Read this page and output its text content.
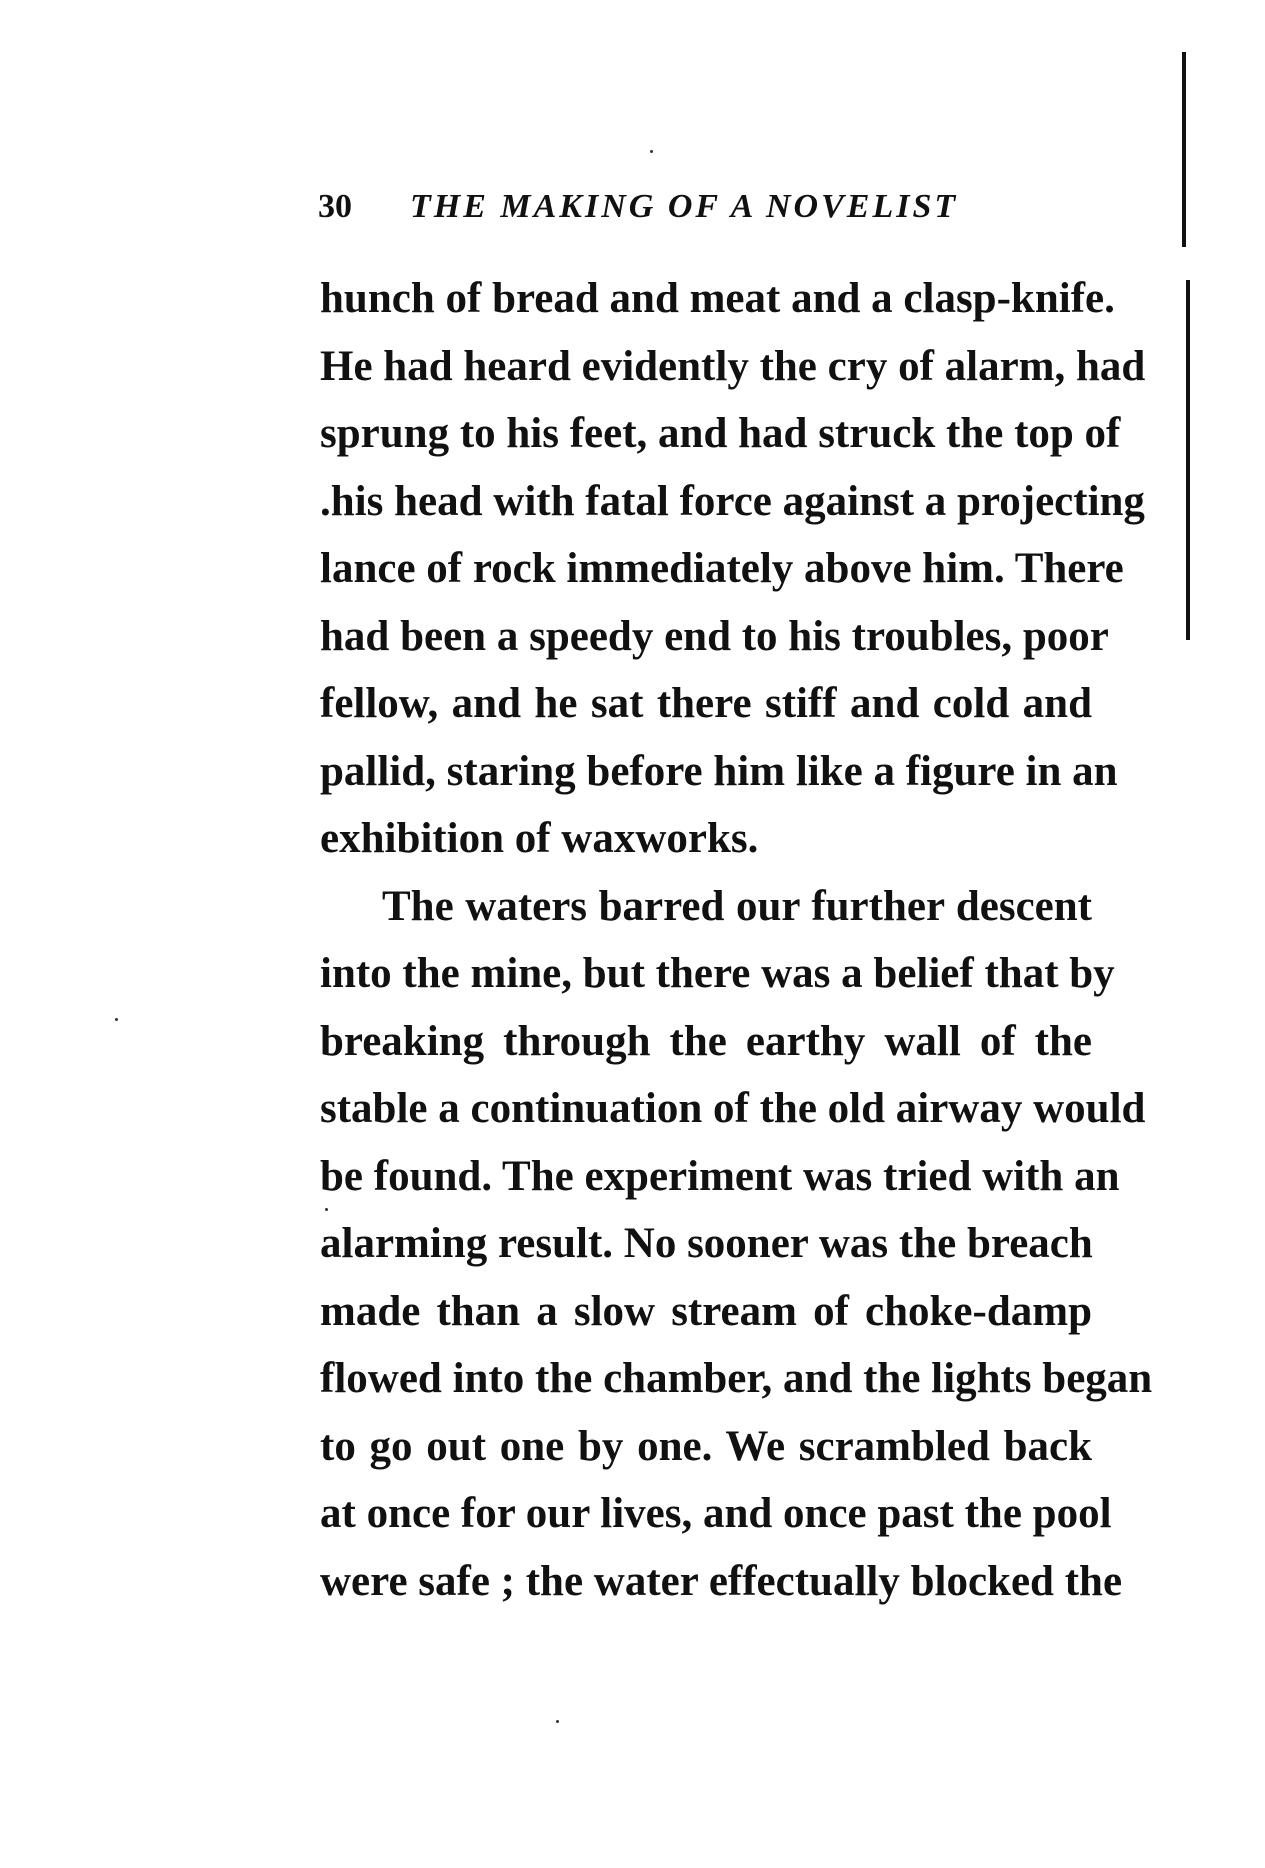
30	THE MAKING OF A NOVELIST
hunch of bread and meat and a clasp-knife.
He had heard evidently the cry of alarm, had
sprung to his feet, and had struck the top of
.his head with fatal force against a projecting
lance of rock immediately above him. There
had been a speedy end to his troubles, poor
fellow, and he sat there stiff and cold and
pallid, staring before him like a figure in an
exhibition of waxworks.
The waters barred our further descent
into the mine, but there was a belief that by
breaking through the earthy wall of the
stable a continuation of the old airway would
be found. The experiment was tried with an
alarming result. No sooner was the breach
made than a slow stream of choke-damp
flowed into the chamber, and the lights began
to go out one by one. We scrambled back
at once for our lives, and once past the pool
were safe ; the water effectually blocked the
